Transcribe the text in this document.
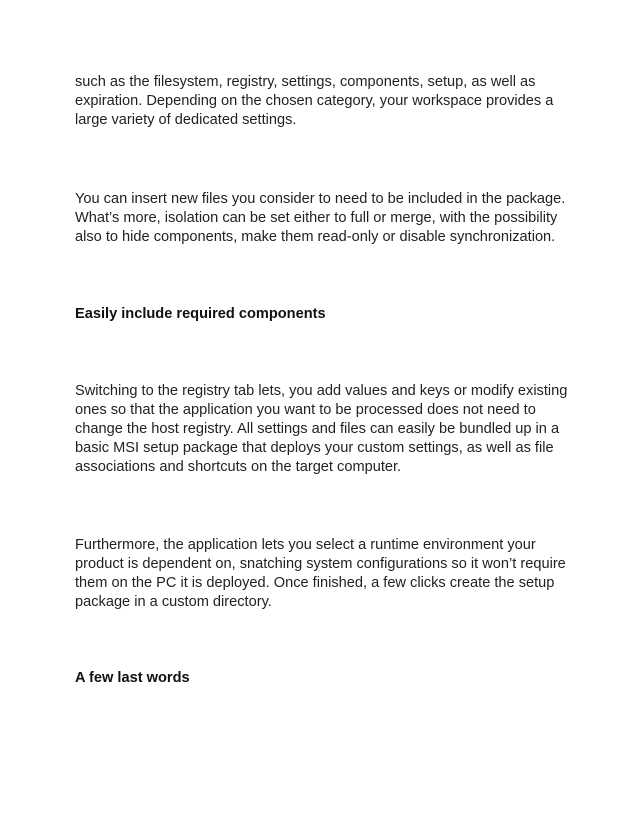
such as the filesystem, registry, settings, components, setup, as well as expiration. Depending on the chosen category, your workspace provides a large variety of dedicated settings.

You can insert new files you consider to need to be included in the package. What’s more, isolation can be set either to full or merge, with the possibility also to hide components, make them read-only or disable synchronization.

Easily include required components

Switching to the registry tab lets, you add values and keys or modify existing ones so that the application you want to be processed does not need to change the host registry. All settings and files can easily be bundled up in a basic MSI setup package that deploys your custom settings, as well as file associations and shortcuts on the target computer.

Furthermore, the application lets you select a runtime environment your product is dependent on, snatching system configurations so it won’t require them on the PC it is deployed. Once finished, a few clicks create the setup package in a custom directory.

A few last words
